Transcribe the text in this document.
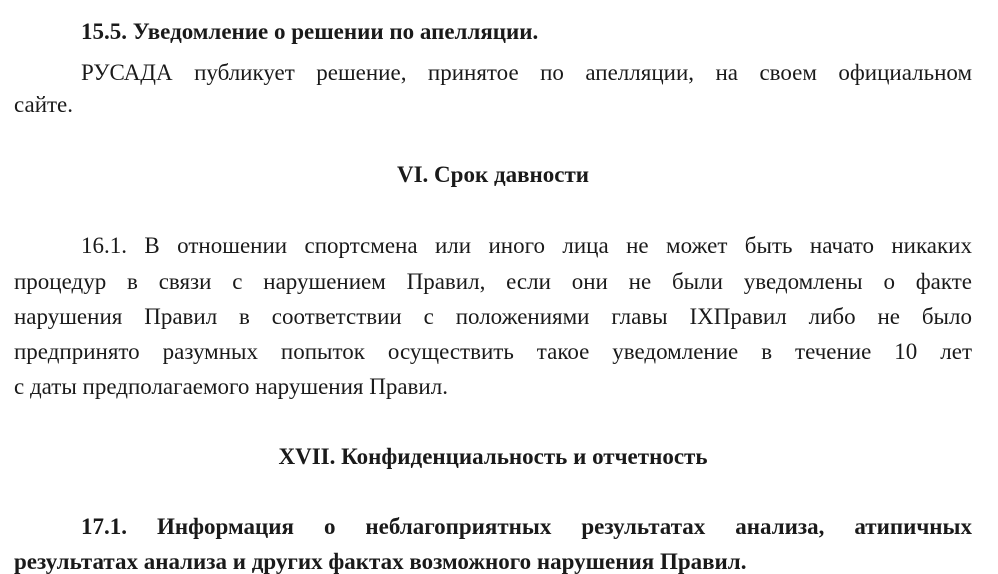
15.5. Уведомление о решении по апелляции.
РУСАДА публикует решение, принятое по апелляции, на своем официальном
сайте.
VI. Срок давности
16.1. В отношении спортсмена или иного лица не может быть начато никаких
процедур в связи с нарушением Правил, если они не были уведомлены о факте
нарушения Правил в соответствии с положениями главы IXПравил либо не было
предпринято разумных попыток осуществить такое уведомление в течение 10 лет
с даты предполагаемого нарушения Правил.
XVII. Конфиденциальность и отчетность
17.1. Информация о неблагоприятных результатах анализа, атипичных
результатах анализа и других фактах возможного нарушения Правил.
